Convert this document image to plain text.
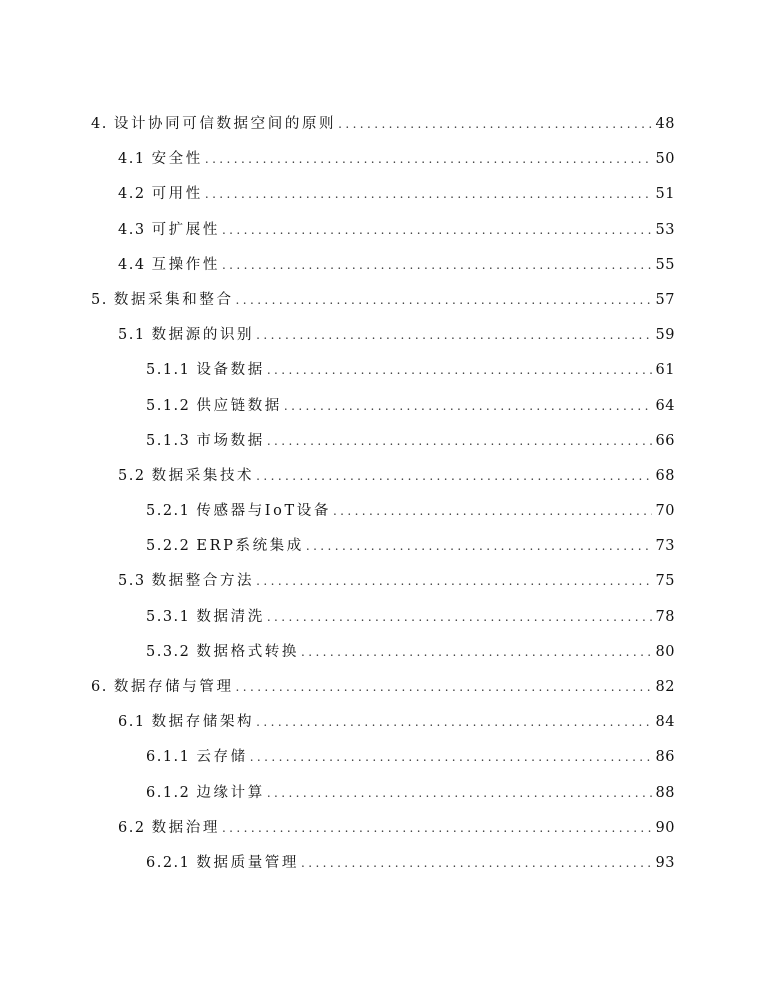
4. 设计协同可信数据空间的原则 .....	48
4.1 安全性 .....	50
4.2 可用性 .....	51
4.3 可扩展性 .....	53
4.4 互操作性 .....	55
5. 数据采集和整合 .....	57
5.1 数据源的识别 .....	59
5.1.1 设备数据 .....	61
5.1.2 供应链数据 .....	64
5.1.3 市场数据 .....	66
5.2 数据采集技术 .....	68
5.2.1 传感器与IoT设备 .....	70
5.2.2 ERP系统集成 .....	73
5.3 数据整合方法 .....	75
5.3.1 数据清洗 .....	78
5.3.2 数据格式转换 .....	80
6. 数据存储与管理 .....	82
6.1 数据存储架构 .....	84
6.1.1 云存储 .....	86
6.1.2 边缘计算 .....	88
6.2 数据治理 .....	90
6.2.1 数据质量管理 .....	93
